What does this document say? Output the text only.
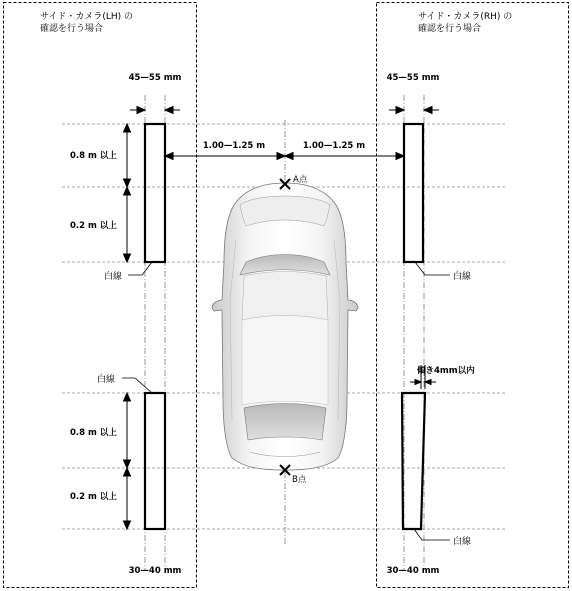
A点
B点
サイド・カメラ(LH) の
確認を行う場合
サイド・カメラ(RH) の
確認を行う場合
45—55 mm	45—55 mm
1.00—1.25 m	1.00—1.25 m
0.8 m 以上
0.2 m 以上
0.8 m 以上
0.2 m 以上
白線	白線
白線
白線
傾き4mm以内
30—40 mm	30—40 mm
